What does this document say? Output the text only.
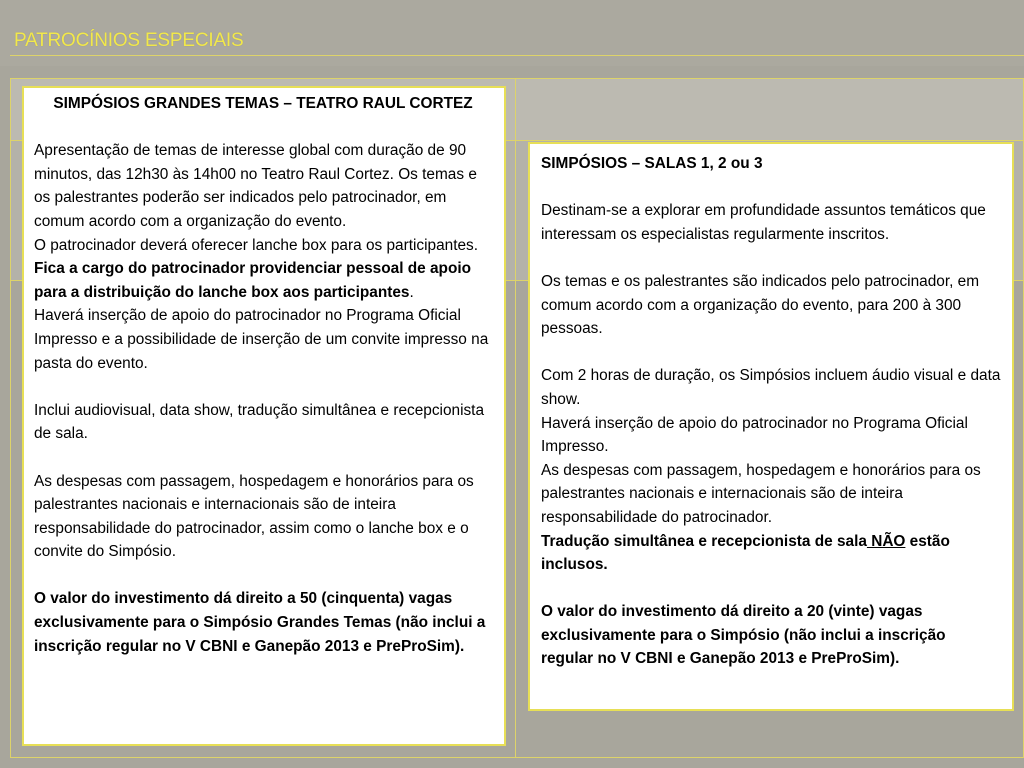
PATROCÍNIOS ESPECIAIS

SIMPÓSIOS GRANDES TEMAS – TEATRO RAUL CORTEZ

Apresentação de temas de interesse global com duração de 90 minutos, das 12h30 às 14h00 no Teatro Raul Cortez. Os temas e os palestrantes poderão ser indicados pelo patrocinador, em comum acordo com a organização do evento.

O patrocinador deverá oferecer lanche box para os participantes. Fica a cargo do patrocinador providenciar pessoal de apoio para a distribuição do lanche box aos participantes.

Haverá inserção de apoio do patrocinador no Programa Oficial Impresso e a possibilidade de inserção de um convite impresso na pasta do evento.

Inclui audiovisual, data show, tradução simultânea e recepcionista de sala.

As despesas com passagem, hospedagem e honorários para os palestrantes nacionais e internacionais são de inteira responsabilidade do patrocinador, assim como o lanche box e o convite do Simpósio.

O valor do investimento dá direito a 50 (cinquenta) vagas exclusivamente para o Simpósio Grandes Temas (não inclui a inscrição regular no V CBNI e Ganepão 2013 e PreProSim).

SIMPÓSIOS – SALAS 1, 2 ou 3

Destinam-se a explorar em profundidade assuntos temáticos que interessam os especialistas regularmente inscritos.

Os temas e os palestrantes são indicados pelo patrocinador, em comum acordo com a organização do evento, para 200 à 300 pessoas.

Com 2 horas de duração, os Simpósios incluem áudio visual e data show.

Haverá inserção de apoio do patrocinador no Programa Oficial Impresso.

As despesas com passagem, hospedagem e honorários para os palestrantes nacionais e internacionais são de inteira responsabilidade do patrocinador.

Tradução simultânea e recepcionista de sala NÃO estão inclusos.

O valor do investimento dá direito a 20 (vinte) vagas exclusivamente para o Simpósio (não inclui a inscrição regular no V CBNI e Ganepão 2013 e PreProSim).
